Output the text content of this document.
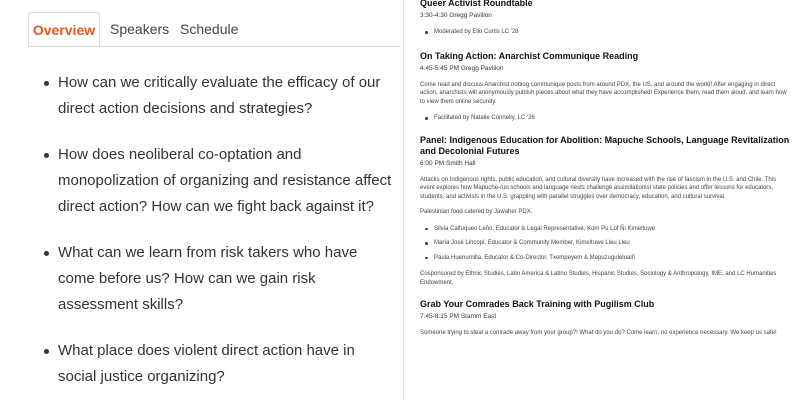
Overview	Speakers Schedule
How can we critically evaluate the efficacy of our direct action decisions and strategies?
How does neoliberal co-optation and monopolization of organizing and resistance affect direct action? How can we fight back against it?
What can we learn from risk takers who have come before us? How can we gain risk assessment skills?
What place does violent direct action have in social justice organizing?

Queer Activist Roundtable

3:30-4:30 Gregg Pavilion

Moderated by Elio Curtis LC '28

On Taking Action: Anarchist Communique Reading

4:45-5:45 PM Gregg Pavilion

Come read and discuss Anarchist noblog communique posts from around PDX, the US, and around the world! After engaging in direct action, anarchists will anonymously publish pieces about what they have accomplished! Experience them, read them aloud, and learn how to view them online securely.

Facilitated by Natalie Connelly, LC '26

Panel: Indigenous Education for Abolition: Mapuche Schools, Language Revitalization and Decolonial Futures

6:00 PM Smith Hall

Attacks on Indigenous rights, public education, and cultural diversity have increased with the rise of fascism in the U.S. and Chile. This event explores how Mapuche-run schools and language nests challenge assimilationist state policies and offer lessons for educators, students, and activists in the U.S. grappling with parallel struggles over democracy, education, and cultural survival.

Palestinian food catered by Jawaher PDX.

Silvia Calfuqueo Leño, Educator & Legal Representative, Kom Pu Lof Ñi Kimeltuwe
María José Lincopi, Educator & Community Member, Kimeltuwe Lleu Lleu
Paula Huenumilla, Educator & Co-Director, Txempeyem & Mapuzuguleluaiñ

Cosponsored by Ethnic Studies, Latin America & Latino Studies, Hispanic Studies, Sociology & Anthropology, IME, and LC Humanities Endowment.

Grab Your Comrades Back Training with Pugilism Club

7:45-8:15 PM Stamm East

Someone trying to steal a comrade away from your group?! What do you do? Come learn, no experience necessary. We keep us safe!
